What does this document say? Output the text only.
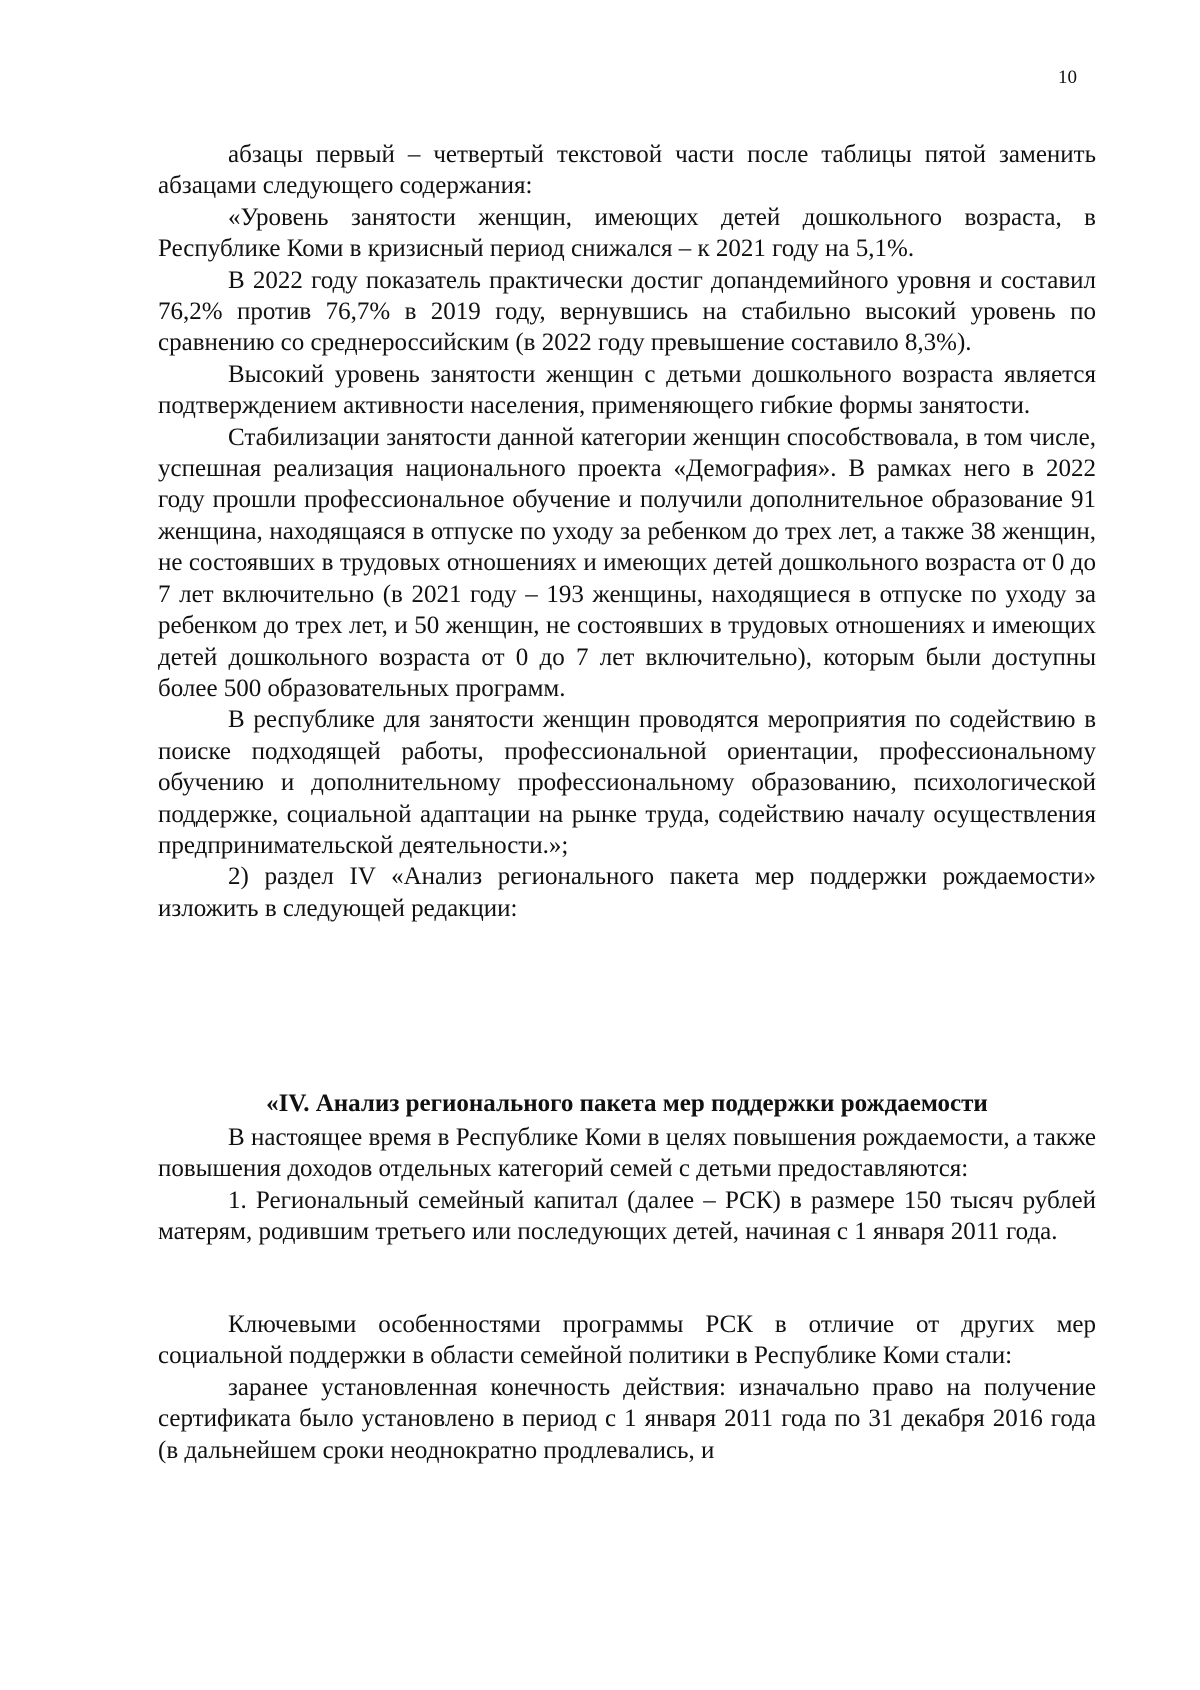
10

абзацы первый – четвертый текстовой части после таблицы пятой заменить абзацами следующего содержания:

«Уровень занятости женщин, имеющих детей дошкольного возраста, в Республике Коми в кризисный период снижался – к 2021 году на 5,1%.

В 2022 году показатель практически достиг допандемийного уровня и составил 76,2% против 76,7% в 2019 году, вернувшись на стабильно высокий уровень по сравнению со среднероссийским (в 2022 году превышение составило 8,3%).

Высокий уровень занятости женщин с детьми дошкольного возраста является подтверждением активности населения, применяющего гибкие формы занятости.

Стабилизации занятости данной категории женщин способствовала, в том числе, успешная реализация национального проекта «Демография». В рамках него в 2022 году прошли профессиональное обучение и получили дополнительное образование 91 женщина, находящаяся в отпуске по уходу за ребенком до трех лет, а также 38 женщин, не состоявших в трудовых отношениях и имеющих детей дошкольного возраста от 0 до 7 лет включительно (в 2021 году – 193 женщины, находящиеся в отпуске по уходу за ребенком до трех лет, и 50 женщин, не состоявших в трудовых отношениях и имеющих детей дошкольного возраста от 0 до 7 лет включительно), которым были доступны более 500 образовательных программ.

В республике для занятости женщин проводятся мероприятия по содействию в поиске подходящей работы, профессиональной ориентации, профессиональному обучению и дополнительному профессиональному образованию, психологической поддержке, социальной адаптации на рынке труда, содействию началу осуществления предпринимательской деятельности.»;

2) раздел IV «Анализ регионального пакета мер поддержки рождаемости» изложить в следующей редакции:

«IV. Анализ регионального пакета мер поддержки рождаемости

В настоящее время в Республике Коми в целях повышения рождаемости, а также повышения доходов отдельных категорий семей с детьми предоставляются:

1. Региональный семейный капитал (далее – РСК) в размере 150 тысяч рублей матерям, родившим третьего или последующих детей, начиная с 1 января 2011 года.

Ключевыми особенностями программы РСК в отличие от других мер социальной поддержки в области семейной политики в Республике Коми стали:

заранее установленная конечность действия: изначально право на получение сертификата было установлено в период с 1 января 2011 года по 31 декабря 2016 года (в дальнейшем сроки неоднократно продлевались, и
